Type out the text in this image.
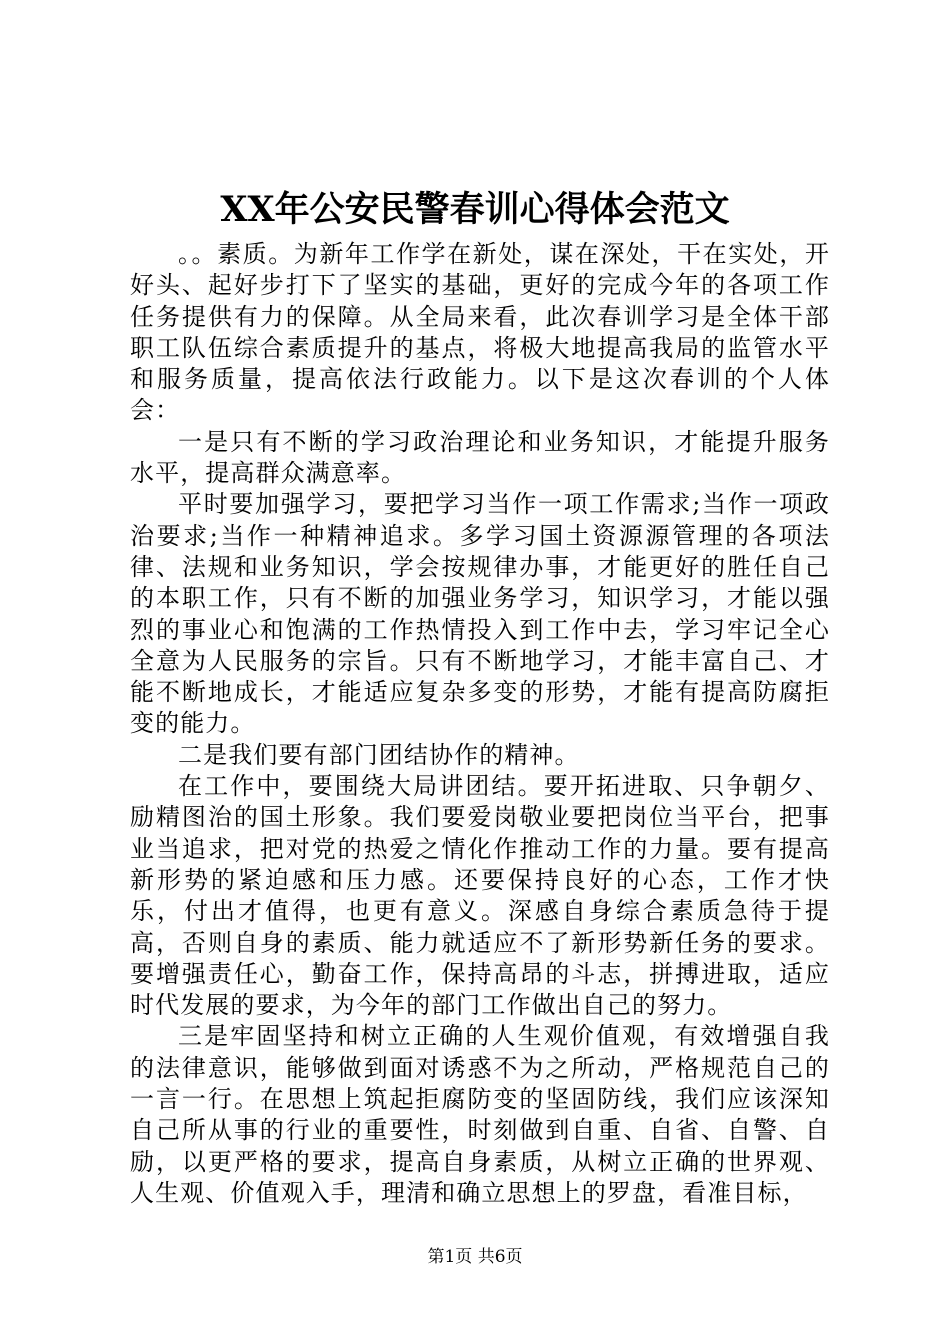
XX年公安民警春训心得体会范文

。。素质。为新年工作学在新处，谋在深处，干在实处，开好头、起好步打下了坚实的基础，更好的完成今年的各项工作任务提供有力的保障。从全局来看，此次春训学习是全体干部职工队伍综合素质提升的基点，将极大地提高我局的监管水平和服务质量，提高依法行政能力。以下是这次春训的个人体会：

一是只有不断的学习政治理论和业务知识，才能提升服务水平，提高群众满意率。

平时要加强学习，要把学习当作一项工作需求;当作一项政治要求;当作一种精神追求。多学习国土资源源管理的各项法律、法规和业务知识，学会按规律办事，才能更好的胜任自己的本职工作，只有不断的加强业务学习，知识学习，才能以强烈的事业心和饱满的工作热情投入到工作中去，学习牢记全心全意为人民服务的宗旨。只有不断地学习，才能丰富自己、才能不断地成长，才能适应复杂多变的形势，才能有提高防腐拒变的能力。

二是我们要有部门团结协作的精神。

在工作中，要围绕大局讲团结。要开拓进取、只争朝夕、励精图治的国土形象。我们要爱岗敬业要把岗位当平台，把事业当追求，把对党的热爱之情化作推动工作的力量。要有提高新形势的紧迫感和压力感。还要保持良好的心态，工作才快乐，付出才值得，也更有意义。深感自身综合素质急待于提高，否则自身的素质、能力就适应不了新形势新任务的要求。要增强责任心，勤奋工作，保持高昂的斗志，拼搏进取，适应时代发展的要求，为今年的部门工作做出自己的努力。

三是牢固坚持和树立正确的人生观价值观，有效增强自我的法律意识，能够做到面对诱惑不为之所动，严格规范自己的一言一行。在思想上筑起拒腐防变的坚固防线，我们应该深知自己所从事的行业的重要性，时刻做到自重、自省、自警、自励，以更严格的要求，提高自身素质，从树立正确的世界观、人生观、价值观入手，理清和确立思想上的罗盘，看准目标，

第1页 共6页
